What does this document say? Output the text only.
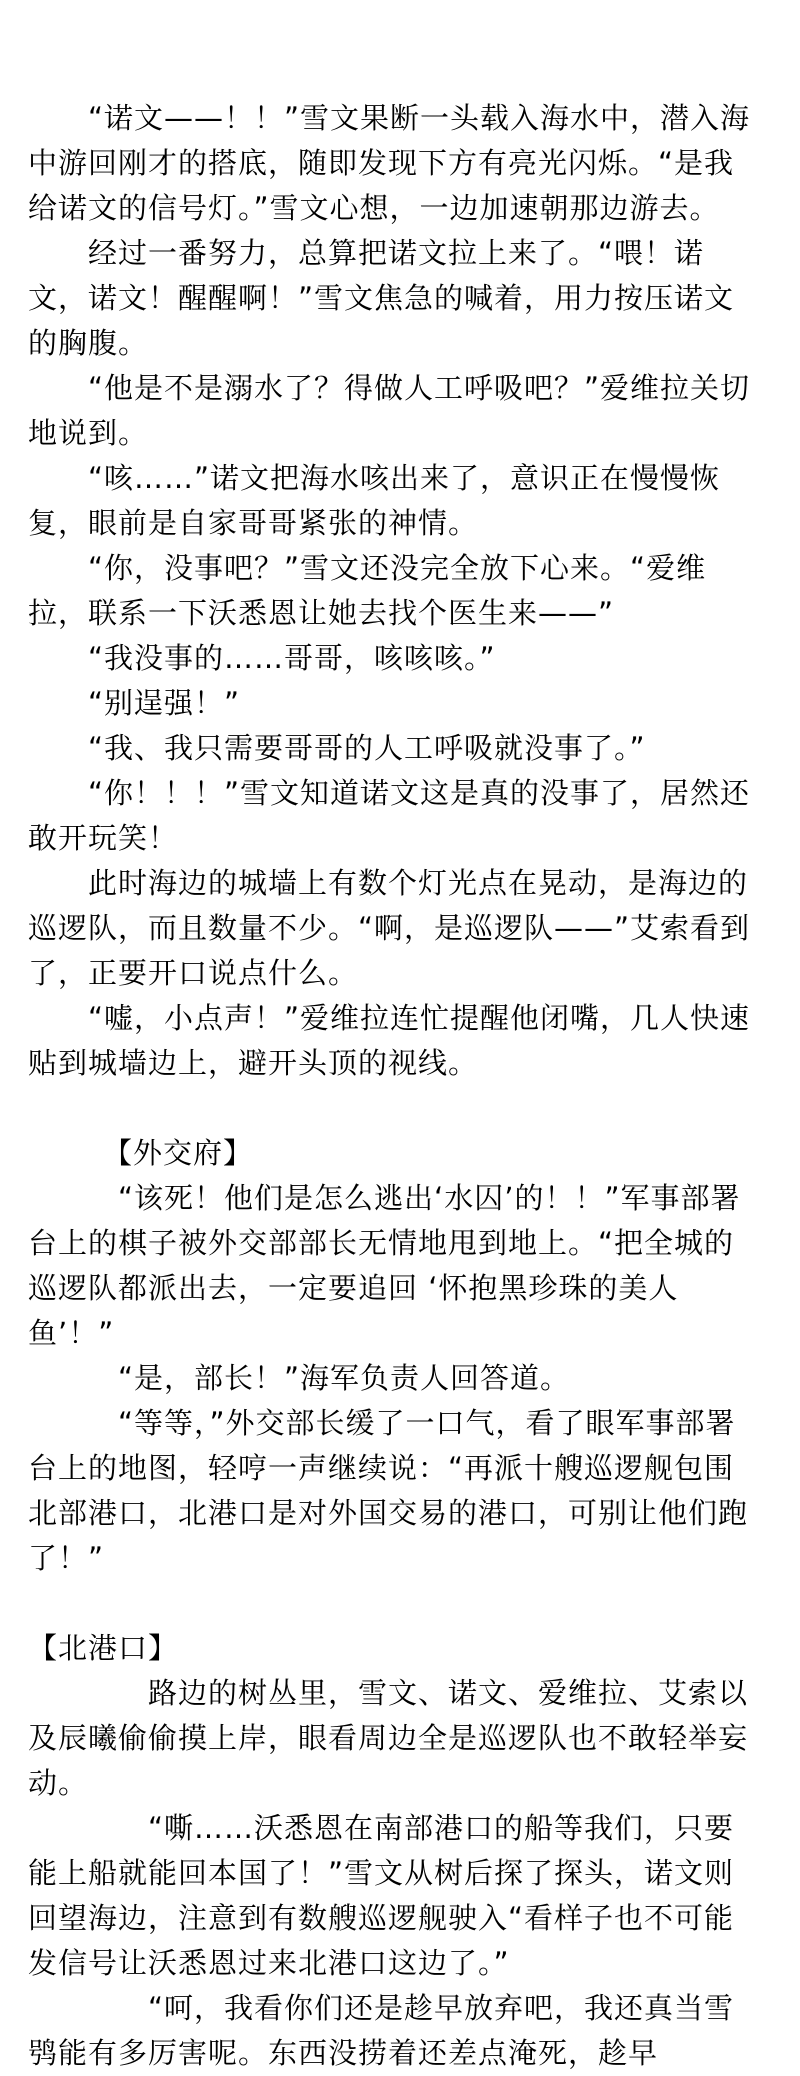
“诺文——！！”雪文果断一头载入海水中，潜入海中游回刚才的搭底，随即发现下方有亮光闪烁。“是我给诺文的信号灯。”雪文心想，一边加速朝那边游去。

经过一番努力，总算把诺文拉上来了。“喂！诺文，诺文！醒醒啊！”雪文焦急的喊着，用力按压诺文的胸腹。

“他是不是溺水了？得做人工呼吸吧？”爱维拉关切地说到。

“咳……”诺文把海水咳出来了，意识正在慢慢恢复，眼前是自家哥哥紧张的神情。

“你，没事吧？”雪文还没完全放下心来。“爱维拉，联系一下沃悉恩让她去找个医生来——”

“我没事的……哥哥，咳咳咳。”

“别逞强！”

“我、我只需要哥哥的人工呼吸就没事了。”

“你！！！”雪文知道诺文这是真的没事了，居然还敢开玩笑！

此时海边的城墙上有数个灯光点在晃动，是海边的巡逻队，而且数量不少。“啊，是巡逻队——”艾索看到了，正要开口说点什么。

“嘘，小点声！”爱维拉连忙提醒他闭嘴，几人快速贴到城墙边上，避开头顶的视线。

【外交府】

“该死！他们是怎么逃出‘水囚’的！！”军事部署台上的棋子被外交部部长无情地甩到地上。“把全城的巡逻队都派出去，一定要追回 ‘怀抱黑珍珠的美人鱼’！”

“是，部长！”海军负责人回答道。

“等等，”外交部长缓了一口气，看了眼军事部署台上的地图，轻哼一声继续说：“再派十艘巡逻舰包围北部港口，北港口是对外国交易的港口，可别让他们跑了！”

【北港口】

路边的树丛里，雪文、诺文、爱维拉、艾索以及辰曦偷偷摸上岸，眼看周边全是巡逻队也不敢轻举妄动。

“嘶……沃悉恩在南部港口的船等我们，只要能上船就能回本国了！”雪文从树后探了探头，诺文则回望海边，注意到有数艘巡逻舰驶入“看样子也不可能发信号让沃悉恩过来北港口这边了。”

“呵，我看你们还是趁早放弃吧，我还真当雪鸮能有多厉害呢。东西没捞着还差点淹死，趁早
